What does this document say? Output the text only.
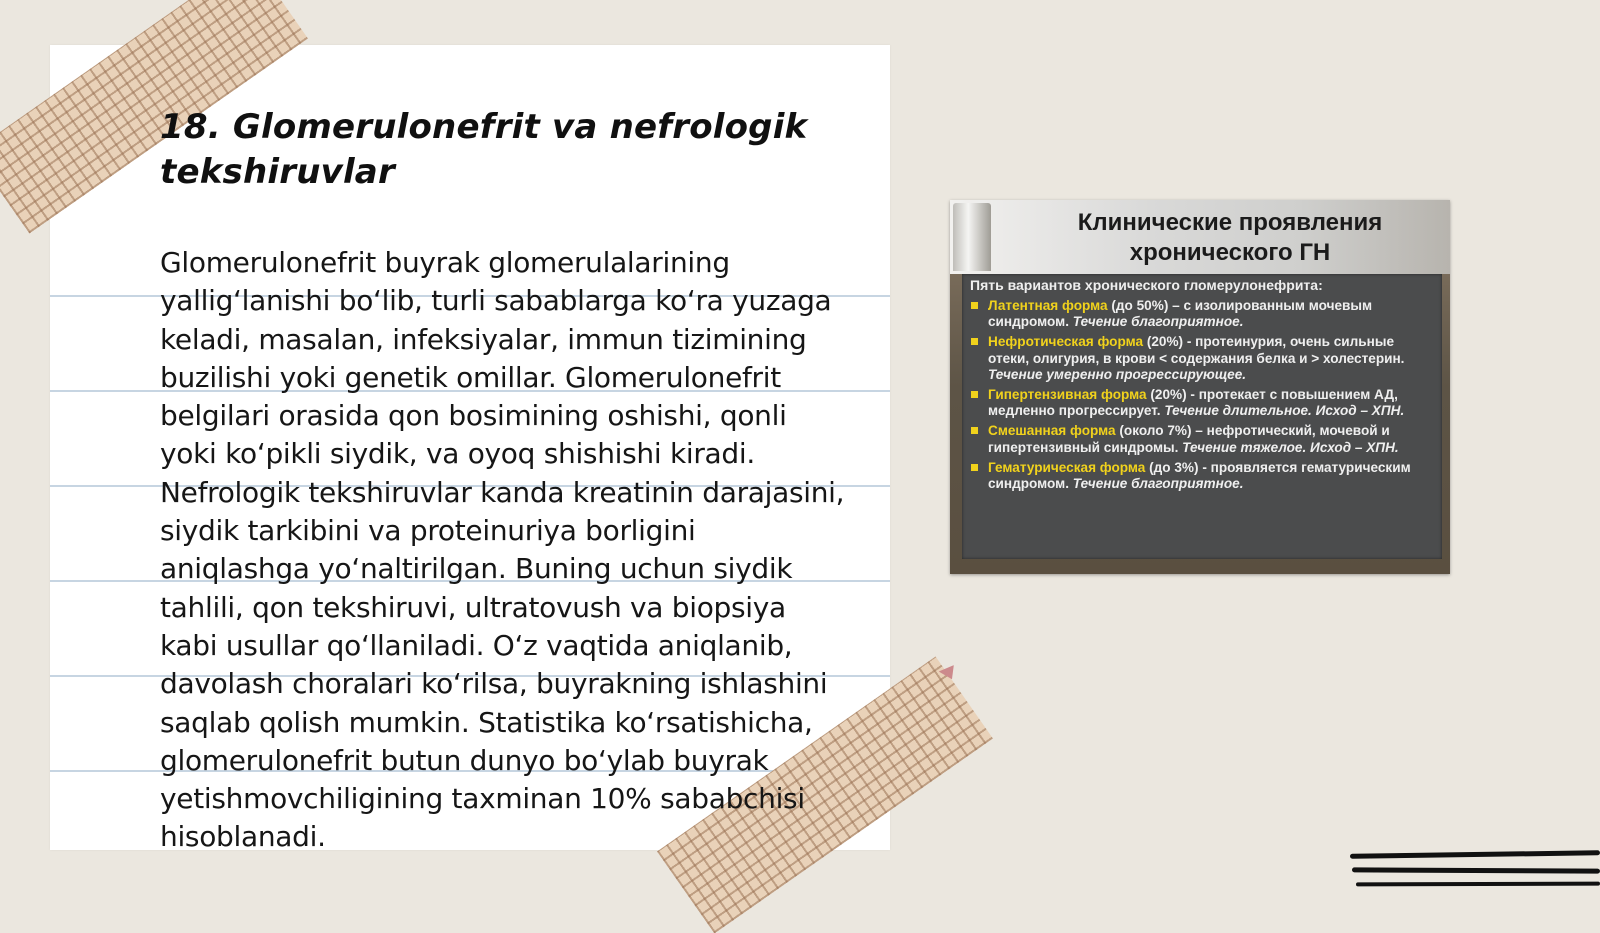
18. Glomerulonefrit va nefrologik tekshiruvlar

Glomerulonefrit buyrak glomerulalarining yallig‘lanishi bo‘lib, turli sabablarga ko‘ra yuzaga keladi, masalan, infeksiyalar, immun tizimining buzilishi yoki genetik omillar. Glomerulonefrit belgilari orasida qon bosimining oshishi, qonli yoki ko‘pikli siydik, va oyoq shishishi kiradi. Nefrologik tekshiruvlar kanda kreatinin darajasini, siydik tarkibini va proteinuriya borligini aniqlashga yo‘naltirilgan. Buning uchun siydik tahlili, qon tekshiruvi, ultratovush va biopsiya kabi usullar qo‘llaniladi. O‘z vaqtida aniqlanib, davolash choralari ko‘rilsa, buyrakning ishlashini saqlab qolish mumkin. Statistika ko‘rsatishicha, glomerulonefrit butun dunyo bo‘ylab buyrak yetishmovchiligining taxminan 10% sababchisi hisoblanadi.

Клинические проявления
хронического ГН
Пять вариантов хронического гломерулонефрита:
Латентная форма (до 50%) – с изолированным мочевым синдромом. Течение благоприятное.
Нефротическая форма (20%) - протеинурия, очень сильные отеки, олигурия, в крови < содержания белка и > холестерин. Течение умеренно прогрессирующее.
Гипертензивная форма (20%) - протекает с повышением АД, медленно прогрессирует. Течение длительное. Исход – ХПН.
Смешанная форма (около 7%) – нефротический, мочевой и гипертензивный синдромы. Течение тяжелое. Исход – ХПН.
Гематурическая форма (до 3%) - проявляется гематурическим синдромом. Течение благоприятное.
